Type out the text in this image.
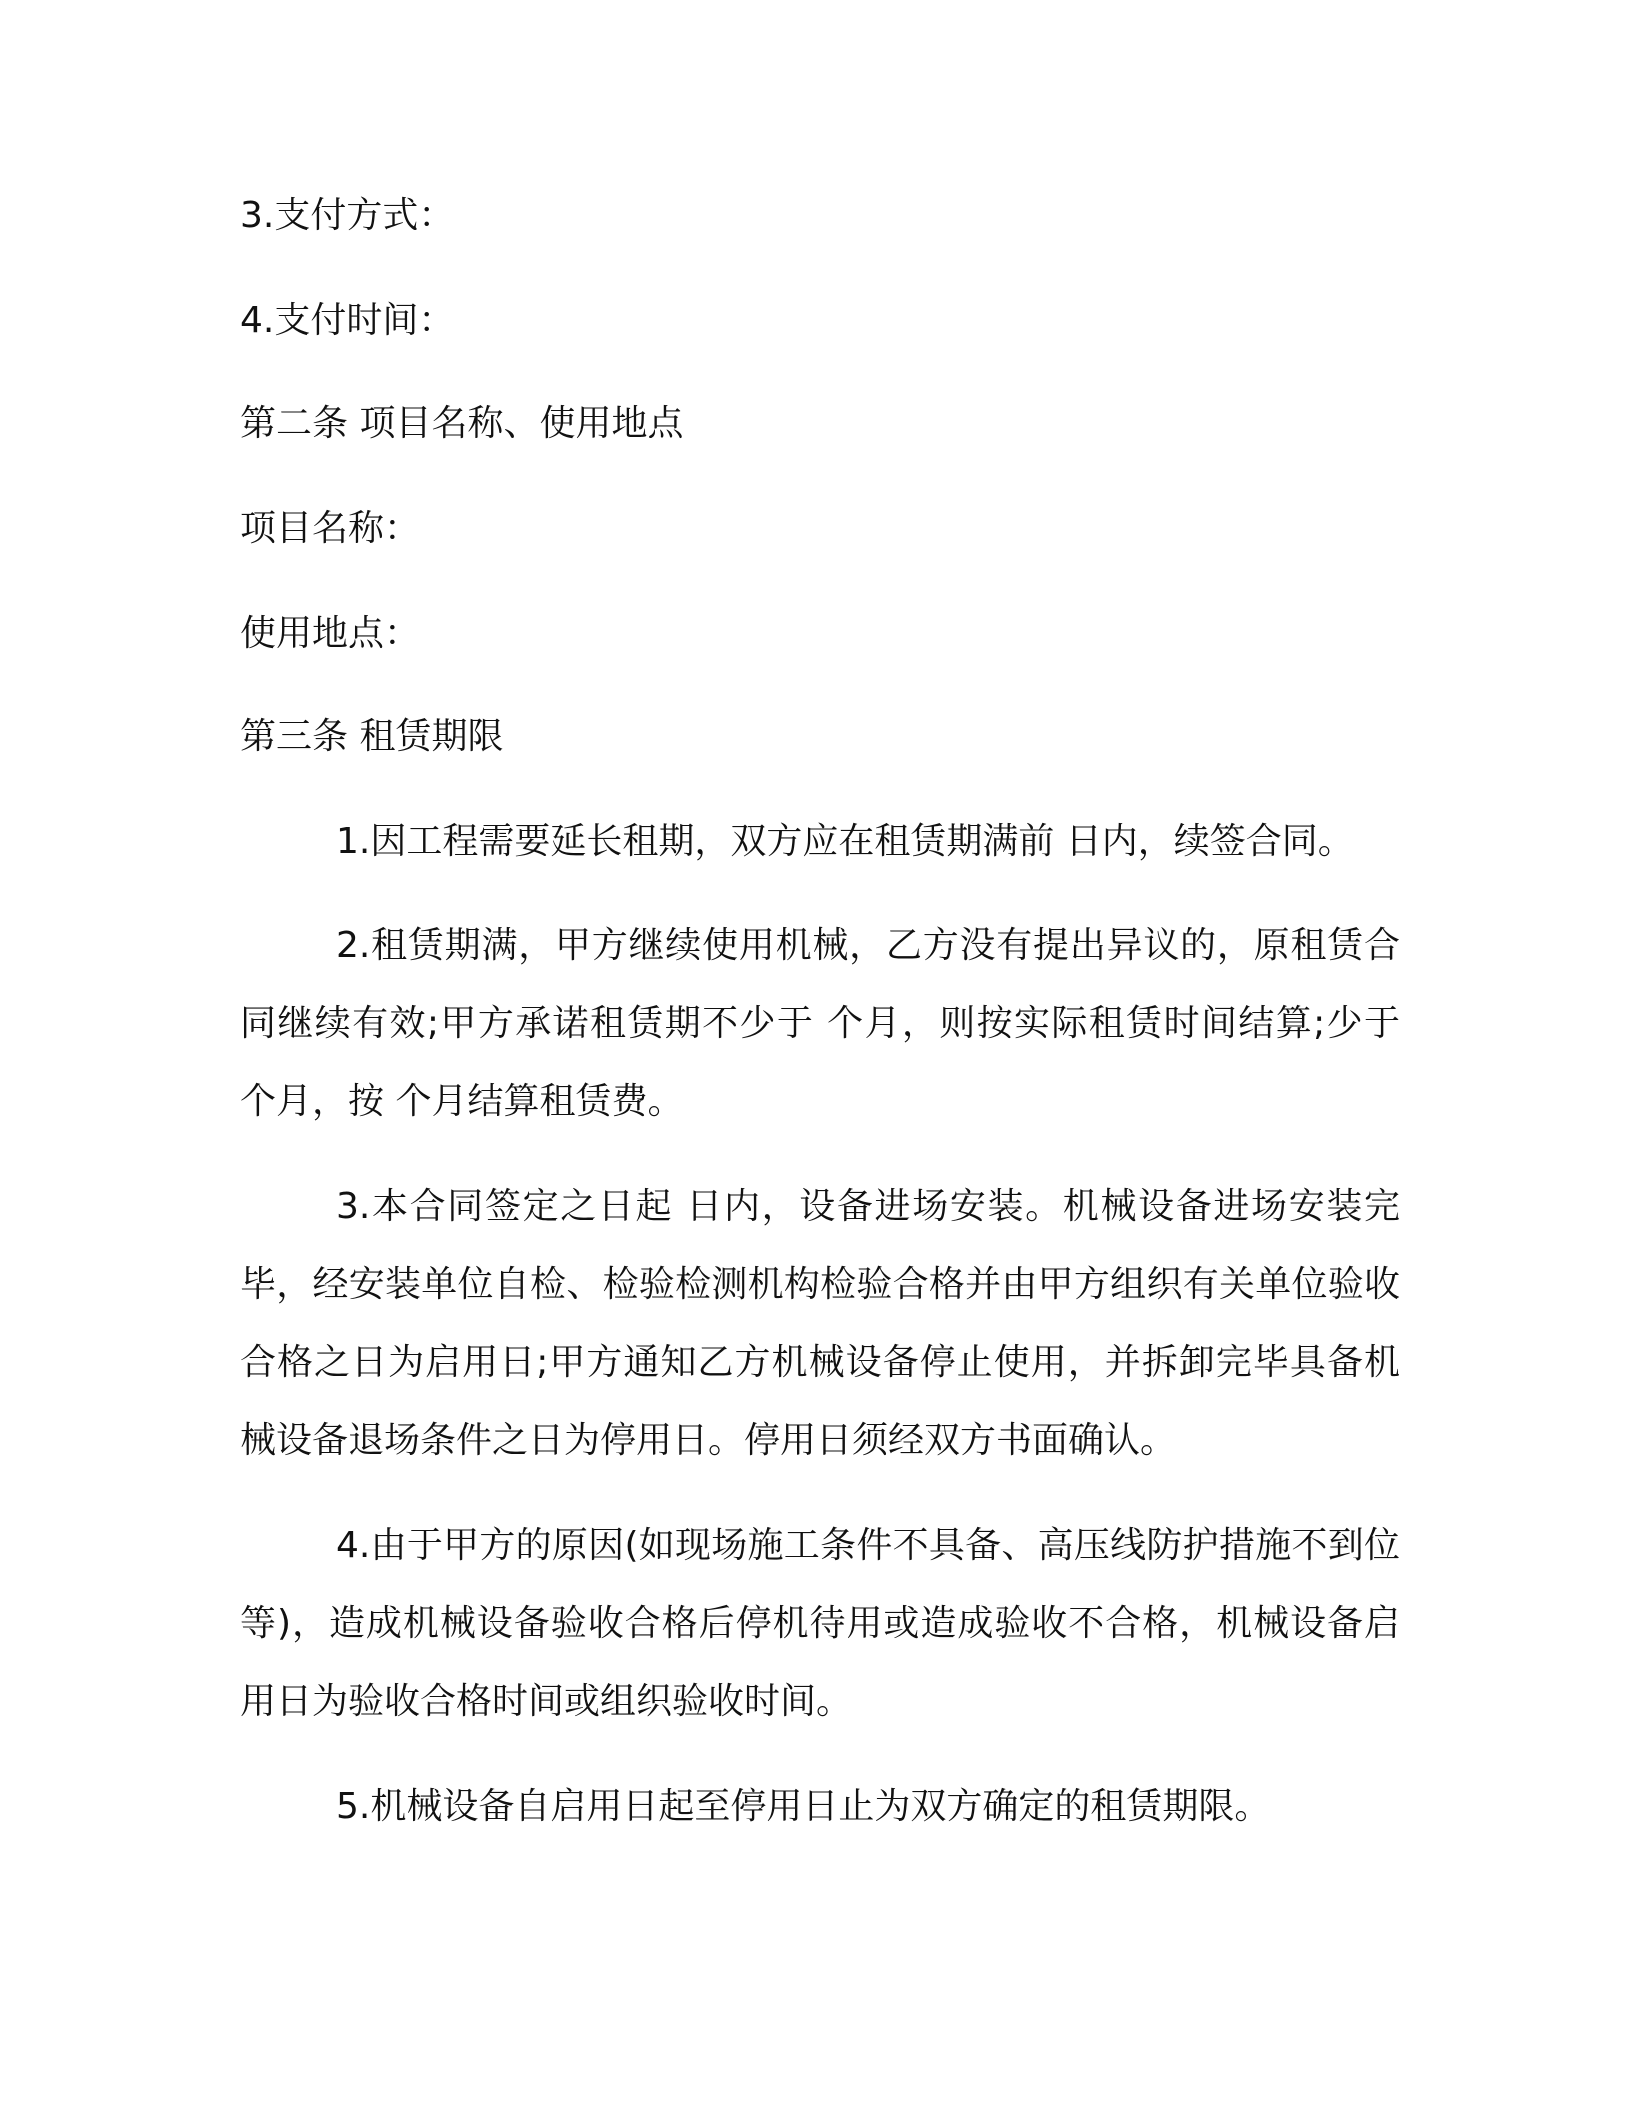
3.支付方式：
4.支付时间：
第二条 项目名称、使用地点
项目名称：
使用地点：
第三条 租赁期限
1.因工程需要延长租期，双方应在租赁期满前 日内，续签合同。
2.租赁期满，甲方继续使用机械，乙方没有提出异议的，原租赁合同继续有效;甲方承诺租赁期不少于 个月，则按实际租赁时间结算;少于 个月，按 个月结算租赁费。
3.本合同签定之日起 日内，设备进场安装。机械设备进场安装完毕，经安装单位自检、检验检测机构检验合格并由甲方组织有关单位验收合格之日为启用日;甲方通知乙方机械设备停止使用，并拆卸完毕具备机械设备退场条件之日为停用日。停用日须经双方书面确认。
4.由于甲方的原因(如现场施工条件不具备、高压线防护措施不到位等)，造成机械设备验收合格后停机待用或造成验收不合格，机械设备启用日为验收合格时间或组织验收时间。
5.机械设备自启用日起至停用日止为双方确定的租赁期限。
